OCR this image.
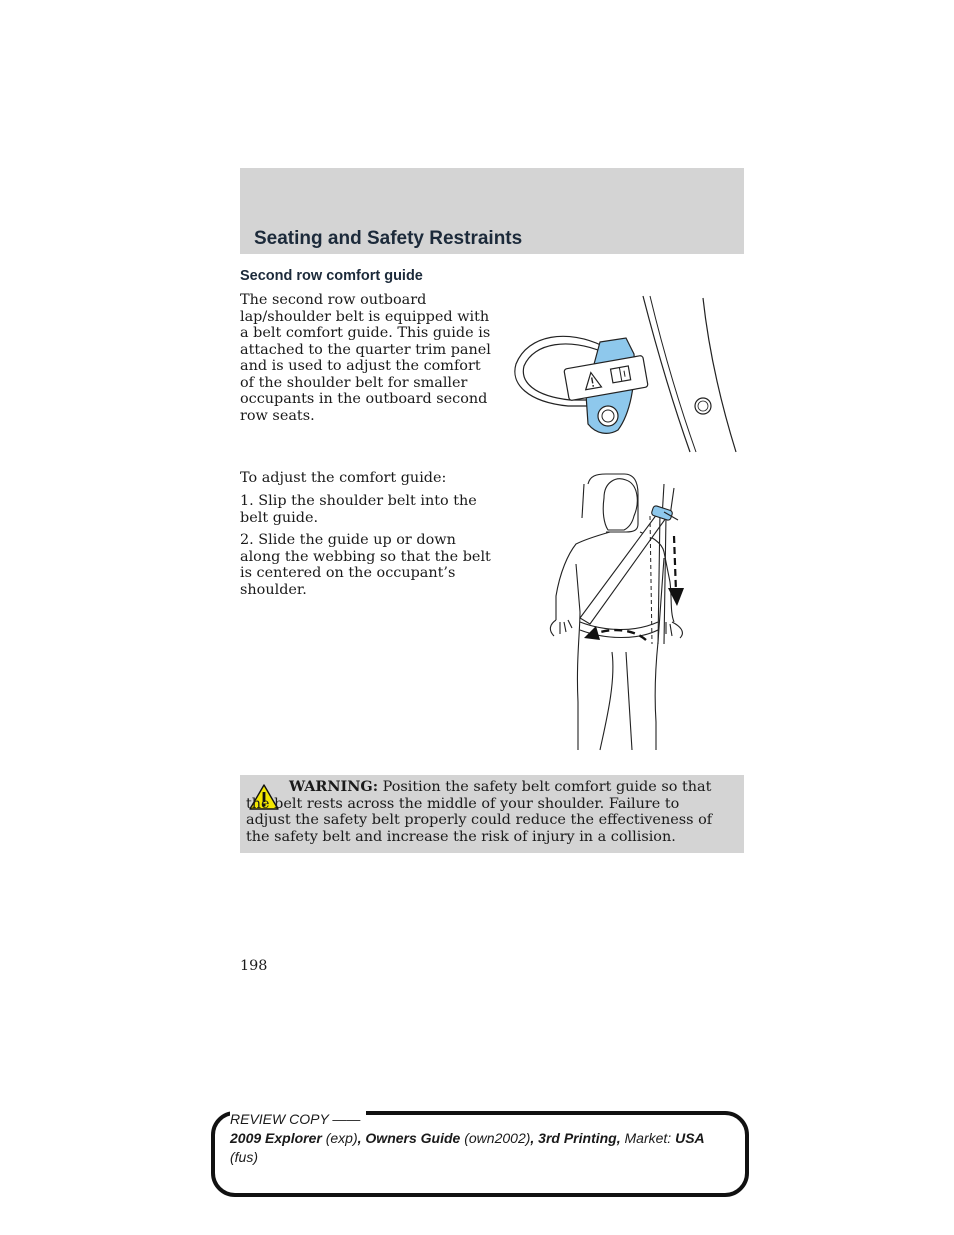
Seating and Safety Restraints
Second row comfort guide

The second row outboard lap/shoulder belt is equipped with a belt comfort guide. This guide is attached to the quarter trim panel and is used to adjust the comfort of the shoulder belt for smaller occupants in the outboard second row seats.

To adjust the comfort guide:

1. Slip the shoulder belt into the belt guide.

2. Slide the guide up or down along the webbing so that the belt is centered on the occupant’s shoulder.

WARNING: Position the safety belt comfort guide so that the belt rests across the middle of your shoulder. Failure to adjust the safety belt properly could reduce the effectiveness of the safety belt and increase the risk of injury in a collision.

198

REVIEW COPY ——
2009 Explorer (exp), Owners Guide (own2002), 3rd Printing, Market: USA
(fus)
